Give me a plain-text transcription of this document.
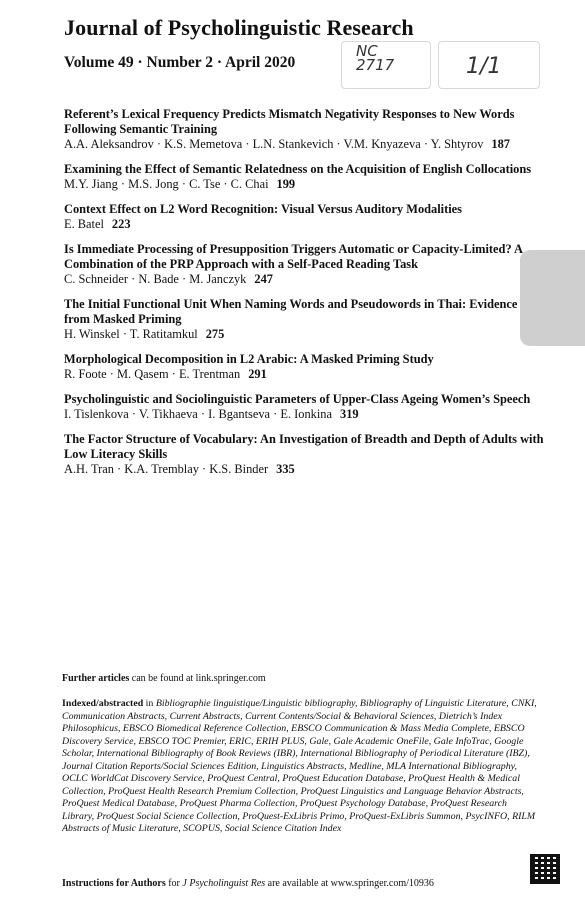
Journal of Psycholinguistic Research
Volume 49 · Number 2 · April 2020
NC
2717	1/1
Referent’s Lexical Frequency Predicts Mismatch Negativity Responses to New Words Following Semantic Training
A.A. Aleksandrov · K.S. Memetova · L.N. Stankevich · V.M. Knyazeva · Y. Shtyrov 187
Examining the Effect of Semantic Relatedness on the Acquisition of English Collocations
M.Y. Jiang · M.S. Jong · C. Tse · C. Chai 199
Context Effect on L2 Word Recognition: Visual Versus Auditory Modalities
E. Batel 223
Is Immediate Processing of Presupposition Triggers Automatic or Capacity-Limited? A Combination of the PRP Approach with a Self-Paced Reading Task
C. Schneider · N. Bade · M. Janczyk 247
The Initial Functional Unit When Naming Words and Pseudowords in Thai: Evidence from Masked Priming
H. Winskel · T. Ratitamkul 275
Morphological Decomposition in L2 Arabic: A Masked Priming Study
R. Foote · M. Qasem · E. Trentman 291
Psycholinguistic and Sociolinguistic Parameters of Upper-Class Ageing Women’s Speech
I. Tislenkova · V. Tikhaeva · I. Bgantseva · E. Ionkina 319
The Factor Structure of Vocabulary: An Investigation of Breadth and Depth of Adults with Low Literacy Skills
A.H. Tran · K.A. Tremblay · K.S. Binder 335
Further articles can be found at link.springer.com
Indexed/abstracted in Bibliographie linguistique/Linguistic bibliography, Bibliography of Linguistic Literature, CNKI, Communication Abstracts, Current Abstracts, Current Contents/Social & Behavioral Sciences, Dietrich’s Index Philosophicus, EBSCO Biomedical Reference Collection, EBSCO Communication & Mass Media Complete, EBSCO Discovery Service, EBSCO TOC Premier, ERIC, ERIH PLUS, Gale, Gale Academic OneFile, Gale InfoTrac, Google Scholar, International Bibliography of Book Reviews (IBR), International Bibliography of Periodical Literature (IBZ), Journal Citation Reports/Social Sciences Edition, Linguistics Abstracts, Medline, MLA International Bibliography, OCLC WorldCat Discovery Service, ProQuest Central, ProQuest Education Database, ProQuest Health & Medical Collection, ProQuest Health Research Premium Collection, ProQuest Linguistics and Language Behavior Abstracts, ProQuest Medical Database, ProQuest Pharma Collection, ProQuest Psychology Database, ProQuest Research Library, ProQuest Social Science Collection, ProQuest-ExLibris Primo, ProQuest-ExLibris Summon, PsycINFO, RILM Abstracts of Music Literature, SCOPUS, Social Science Citation Index
Instructions for Authors for J Psycholinguist Res are available at www.springer.com/10936
